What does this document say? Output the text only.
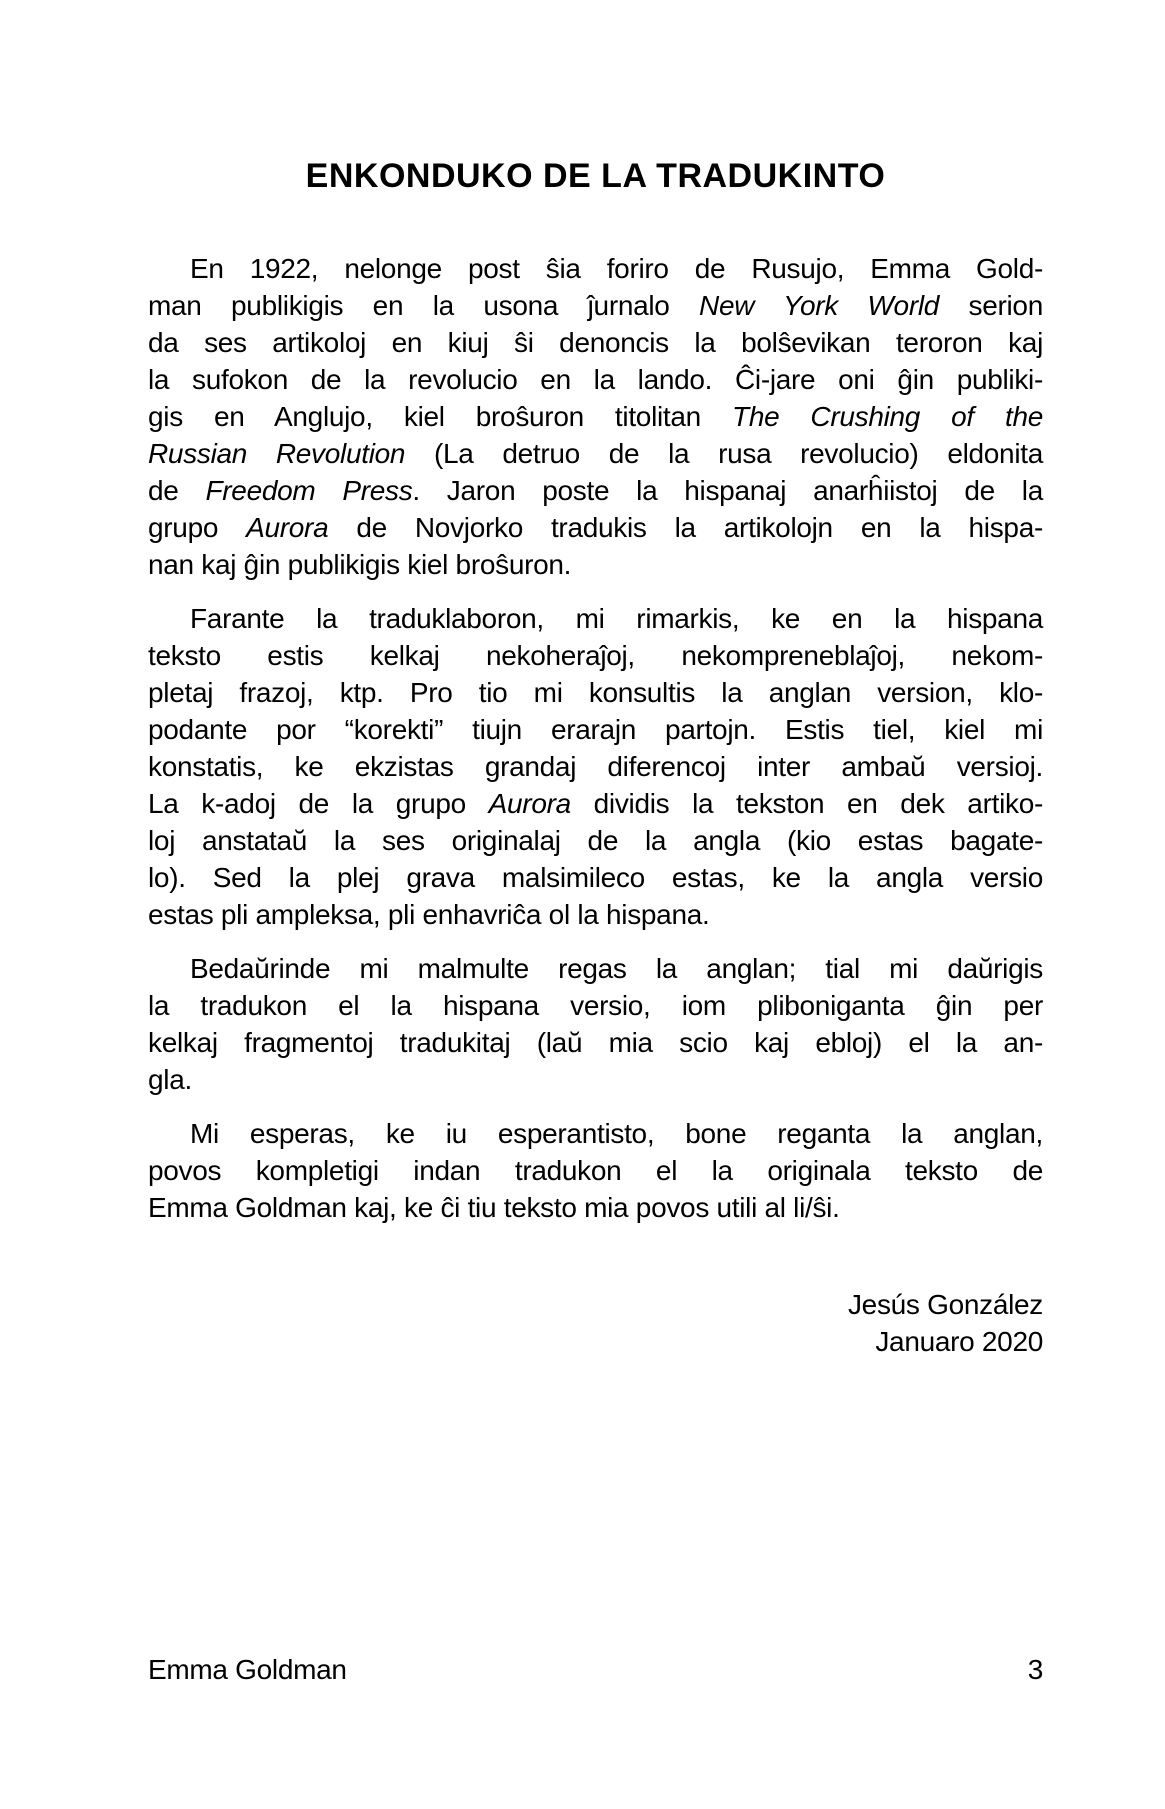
ENKONDUKO DE LA TRADUKINTO
En 1922, nelonge post ŝia foriro de Rusujo, Emma Gold-
man publikigis en la usona ĵurnalo New York World serion
da ses artikoloj en kiuj ŝi denoncis la bolŝevikan teroron kaj
la sufokon de la revolucio en la lando. Ĉi-jare oni ĝin publiki-
gis en Anglujo, kiel broŝuron titolitan The Crushing of the
Russian Revolution (La detruo de la rusa revolucio) eldonita
de Freedom Press. Jaron poste la hispanaj anarĥiistoj de la
grupo Aurora de Novjorko tradukis la artikolojn en la hispa-
nan kaj ĝin publikigis kiel broŝuron.
Farante la traduklaboron, mi rimarkis, ke en la hispana
teksto estis kelkaj nekoheraĵoj, nekompreneblaĵoj, nekom-
pletaj frazoj, ktp. Pro tio mi konsultis la anglan version, klo-
podante por “korekti” tiujn erarajn partojn. Estis tiel, kiel mi
konstatis, ke ekzistas grandaj diferencoj inter ambaŭ versioj.
La k-adoj de la grupo Aurora dividis la tekston en dek artiko-
loj anstataŭ la ses originalaj de la angla (kio estas bagate-
lo). Sed la plej grava malsimileco estas, ke la angla versio
estas pli ampleksa, pli enhavriĉa ol la hispana.
Bedaŭrinde mi malmulte regas la anglan; tial mi daŭrigis
la tradukon el la hispana versio, iom pliboniganta ĝin per
kelkaj fragmentoj tradukitaj (laŭ mia scio kaj ebloj) el la an-
gla.
Mi esperas, ke iu esperantisto, bone reganta la anglan,
povos kompletigi indan tradukon el la originala teksto de
Emma Goldman kaj, ke ĉi tiu teksto mia povos utili al li/ŝi.
Jesús González
Januaro 2020
Emma Goldman	3
